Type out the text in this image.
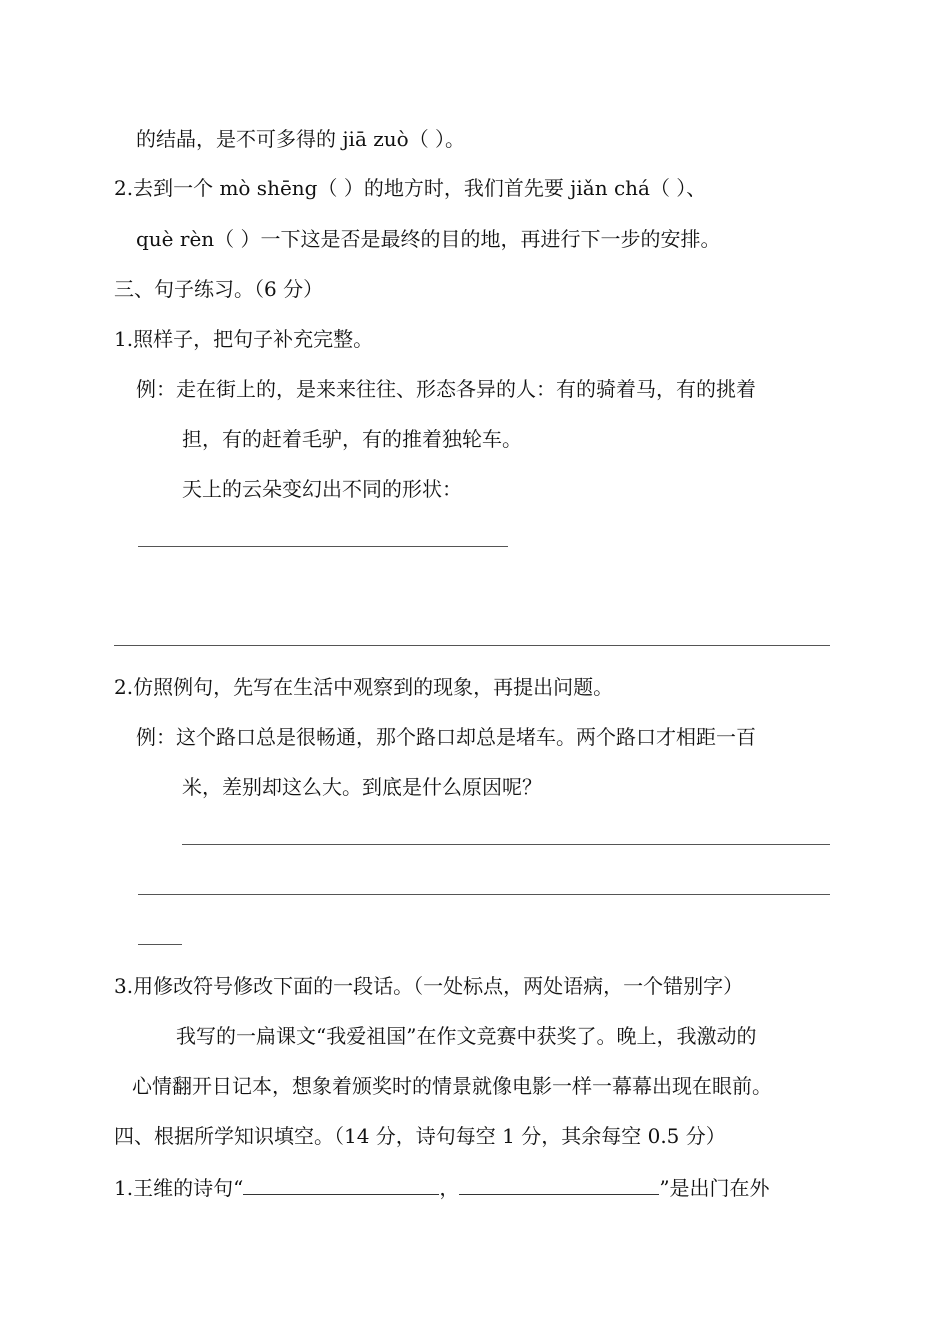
的结晶，是不可多得的 jiā zuò（ ）。
2.去到一个 mò shēng（ ）的地方时，我们首先要 jiǎn chá（ ）、
què rèn（ ）一下这是否是最终的目的地，再进行下一步的安排。
三、句子练习。（6 分）
1.照样子，把句子补充完整。
例：走在街上的，是来来往往、形态各异的人：有的骑着马，有的挑着
担，有的赶着毛驴，有的推着独轮车。
天上的云朵变幻出不同的形状：
2.仿照例句，先写在生活中观察到的现象，再提出问题。
例：这个路口总是很畅通，那个路口却总是堵车。两个路口才相距一百
米，差别却这么大。到底是什么原因呢？
3.用修改符号修改下面的一段话。（一处标点，两处语病，一个错别字）
我写的一扁课文“我爱祖国”在作文竞赛中获奖了。晚上，我激动的
心情翻开日记本，想象着颁奖时的情景就像电影一样一幕幕出现在眼前。
四、根据所学知识填空。（14 分，诗句每空 1 分，其余每空 0.5 分）
1.王维的诗句“	，	”是出门在外
